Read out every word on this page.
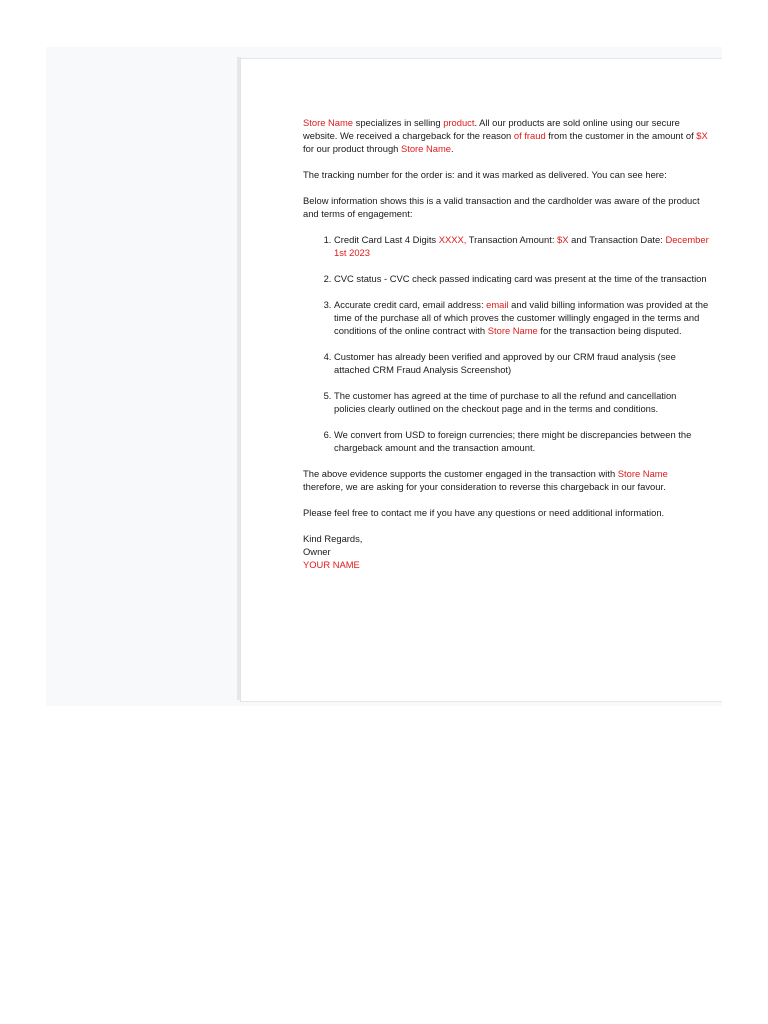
Store Name specializes in selling product. All our products are sold online using our secure website. We received a chargeback for the reason of fraud from the customer in the amount of $X for our product through Store Name.

The tracking number for the order is: and it was marked as delivered. You can see here:

Below information shows this is a valid transaction and the cardholder was aware of the product and terms of engagement:

1. Credit Card Last 4 Digits XXXX, Transaction Amount: $X and Transaction Date: December 1st 2023
2. CVC status - CVC check passed indicating card was present at the time of the transaction
3. Accurate credit card, email address: email and valid billing information was provided at the time of the purchase all of which proves the customer willingly engaged in the terms and conditions of the online contract with Store Name for the transaction being disputed.
4. Customer has already been verified and approved by our CRM fraud analysis (see attached CRM Fraud Analysis Screenshot)
5. The customer has agreed at the time of purchase to all the refund and cancellation policies clearly outlined on the checkout page and in the terms and conditions.
6. We convert from USD to foreign currencies; there might be discrepancies between the chargeback amount and the transaction amount.

The above evidence supports the customer engaged in the transaction with Store Name therefore, we are asking for your consideration to reverse this chargeback in our favour.

Please feel free to contact me if you have any questions or need additional information.

Kind Regards,

Owner

YOUR NAME
